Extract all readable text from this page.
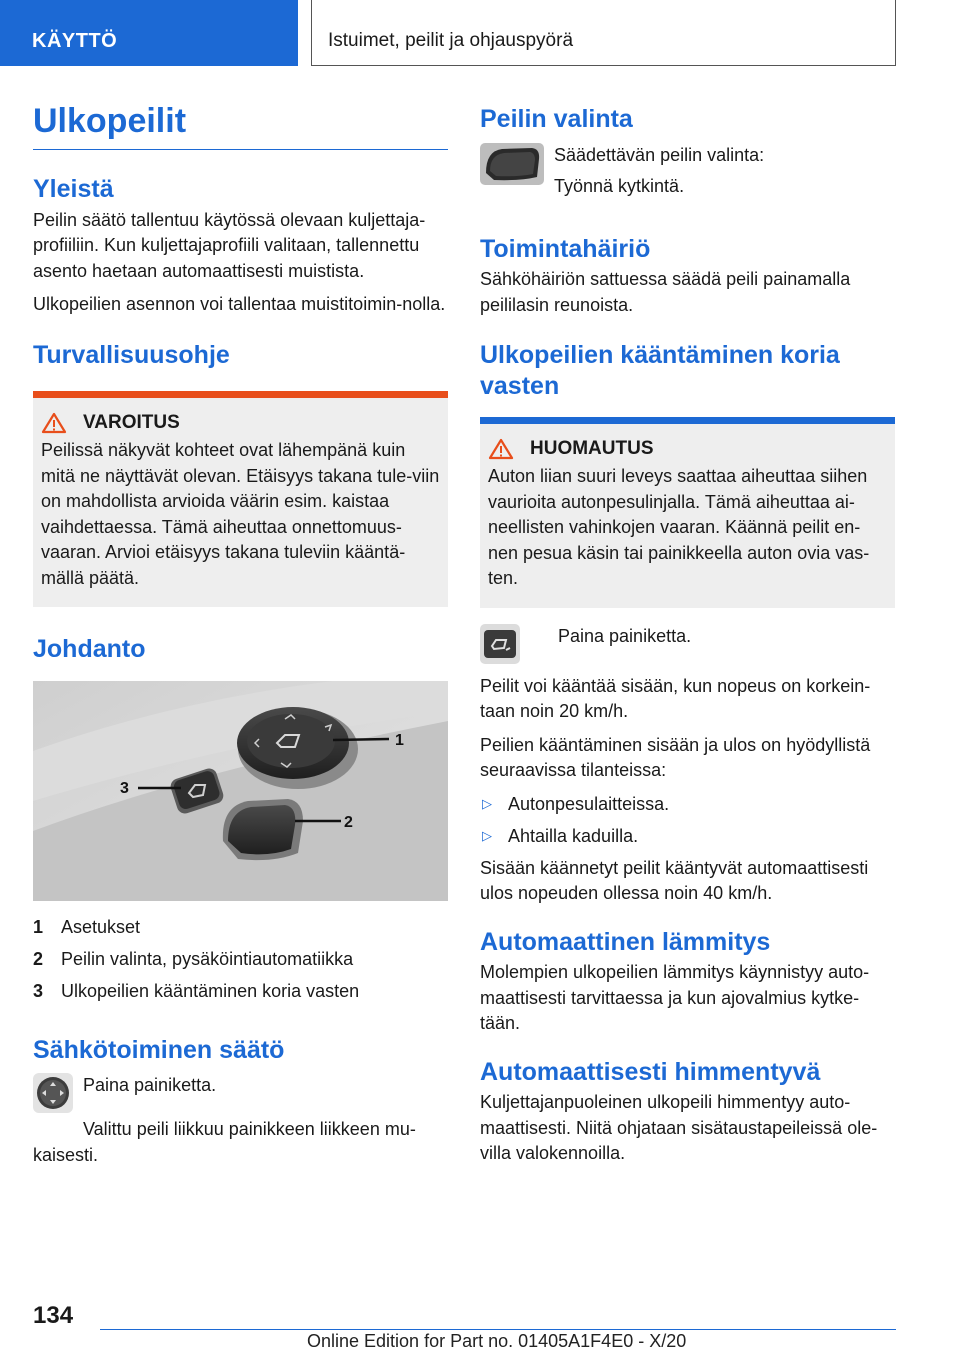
KÄYTTÖ	Istuimet, peilit ja ohjauspyörä
Ulkopeilit
Yleistä

Peilin säätö tallentuu käytössä olevaan kuljettaja-profiiliin. Kun kuljettajaprofiili valitaan, tallennettu asento haetaan automaattisesti muistista.

Ulkopeilien asennon voi tallentaa muistitoimin-nolla.

Turvallisuusohje
VAROITUS

Peilissä näkyvät kohteet ovat lähempänä kuin mitä ne näyttävät olevan. Etäisyys takana tule-viin on mahdollista arvioida väärin esim. kaistaa vaihdettaessa. Tämä aiheuttaa onnettomuus-vaaran. Arvioi etäisyys takana tuleviin kääntä-mällä päätä.

Johdanto
1
3
2
1 Asetukset
2 Peilin valinta, pysäköintiautomatiikka
3 Ulkopeilien kääntäminen koria vasten
Sähkötoiminen säätö

Paina painiketta.

Valittu peili liikkuu painikkeen liikkeen mu-kaisesti.

Peilin valinta

Säädettävän peilin valinta:

Työnnä kytkintä.

Toimintahäiriö

Sähköhäiriön sattuessa säädä peili painamalla peililasin reunoista.

Ulkopeilien kääntäminen koria vasten
HUOMAUTUS

Auton liian suuri leveys saattaa aiheuttaa siihen vaurioita autonpesulinjalla. Tämä aiheuttaa ai-neellisten vahinkojen vaaran. Käännä peilit en-nen pesua käsin tai painikkeella auton ovia vas-ten.

Paina painiketta.

Peilit voi kääntää sisään, kun nopeus on korkein-taan noin 20 km/h.

Peilien kääntäminen sisään ja ulos on hyödyllistä seuraavissa tilanteissa:

▷ Autonpesulaitteissa.
▷ Ahtailla kaduilla.

Sisään käännetyt peilit kääntyvät automaattisesti ulos nopeuden ollessa noin 40 km/h.

Automaattinen lämmitys

Molempien ulkopeilien lämmitys käynnistyy auto-maattisesti tarvittaessa ja kun ajovalmius kytke-tään.

Automaattisesti himmentyvä

Kuljettajanpuoleinen ulkopeili himmentyy auto-maattisesti. Niitä ohjataan sisätaustapeileissä ole-villa valokennoilla.

134
Online Edition for Part no. 01405A1F4E0 - X/20
